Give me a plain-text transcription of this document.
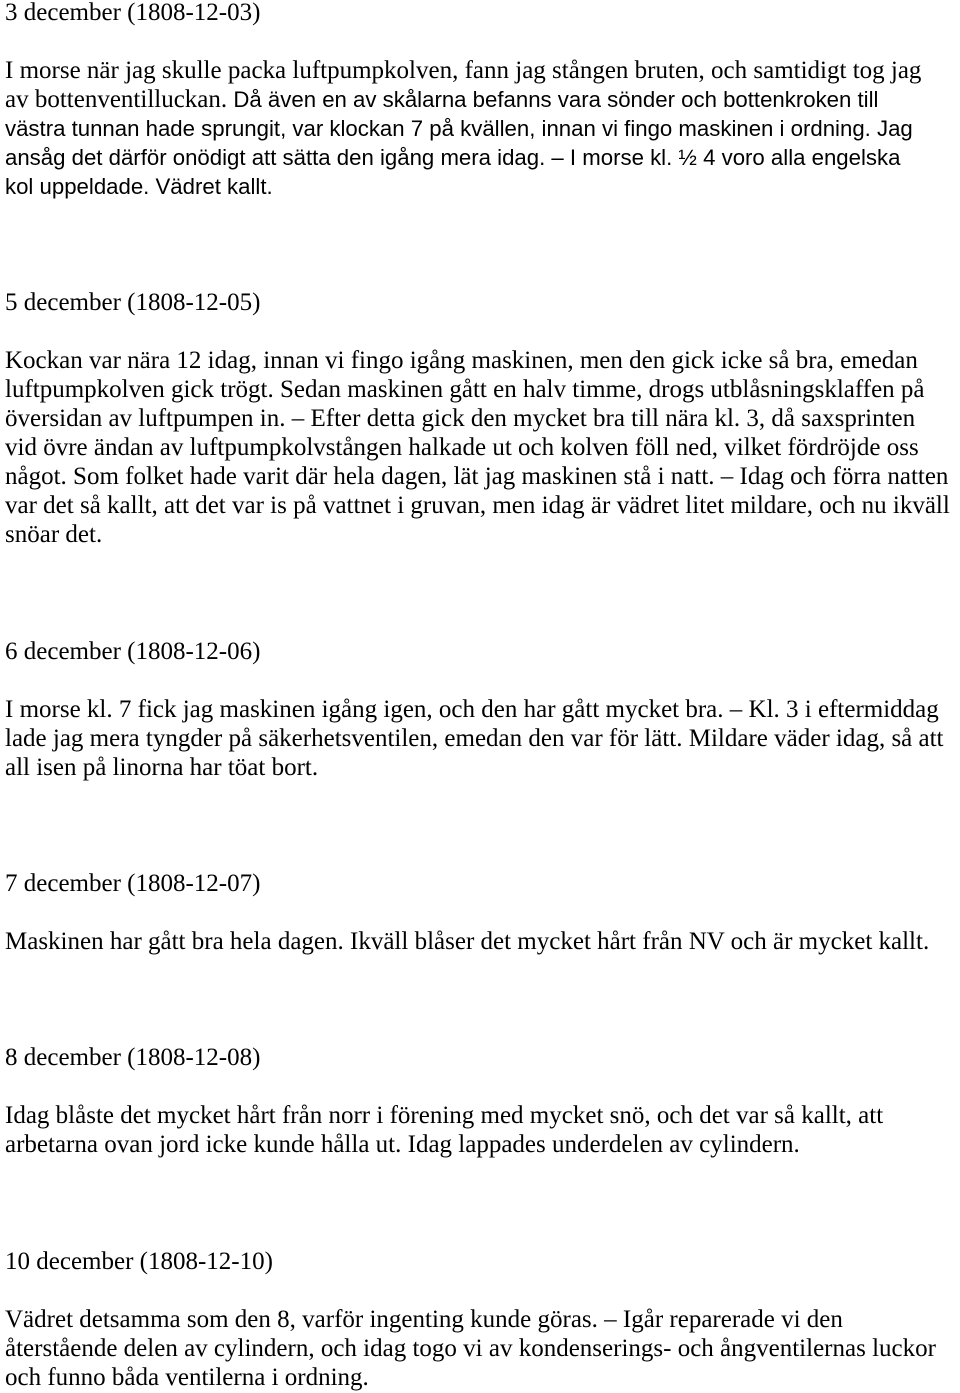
3 december (1808-12-03)
I morse när jag skulle packa luftpumpkolven, fann jag stången bruten, och samtidigt tog jag
av bottenventilluckan. Då även en av skålarna befanns vara sönder och bottenkroken till
västra tunnan hade sprungit, var klockan 7 på kvällen, innan vi fingo maskinen i ordning. Jag
ansåg det därför onödigt att sätta den igång mera idag. – I morse kl. ½ 4 voro alla engelska
kol uppeldade. Vädret kallt.
5 december (1808-12-05)
Kockan var nära 12 idag, innan vi fingo igång maskinen, men den gick icke så bra, emedan
luftpumpkolven gick trögt. Sedan maskinen gått en halv timme, drogs utblåsningsklaffen på
översidan av luftpumpen in. – Efter detta gick den mycket bra till nära kl. 3, då saxsprinten
vid övre ändan av luftpumpkolvstången halkade ut och kolven föll ned, vilket fördröjde oss
något. Som folket hade varit där hela dagen, lät jag maskinen stå i natt. – Idag och förra natten
var det så kallt, att det var is på vattnet i gruvan, men idag är vädret litet mildare, och nu ikväll
snöar det.
6 december (1808-12-06)
I morse kl. 7 fick jag maskinen igång igen, och den har gått mycket bra. – Kl. 3 i eftermiddag
lade jag mera tyngder på säkerhetsventilen, emedan den var för lätt. Mildare väder idag, så att
all isen på linorna har töat bort.
7 december (1808-12-07)
Maskinen har gått bra hela dagen. Ikväll blåser det mycket hårt från NV och är mycket kallt.
8 december (1808-12-08)
Idag blåste det mycket hårt från norr i förening med mycket snö, och det var så kallt, att
arbetarna ovan jord icke kunde hålla ut. Idag lappades underdelen av cylindern.
10 december (1808-12-10)
Vädret detsamma som den 8, varför ingenting kunde göras. – Igår reparerade vi den
återstående delen av cylindern, och idag togo vi av kondenserings- och ångventilernas luckor
och funno båda ventilerna i ordning.
